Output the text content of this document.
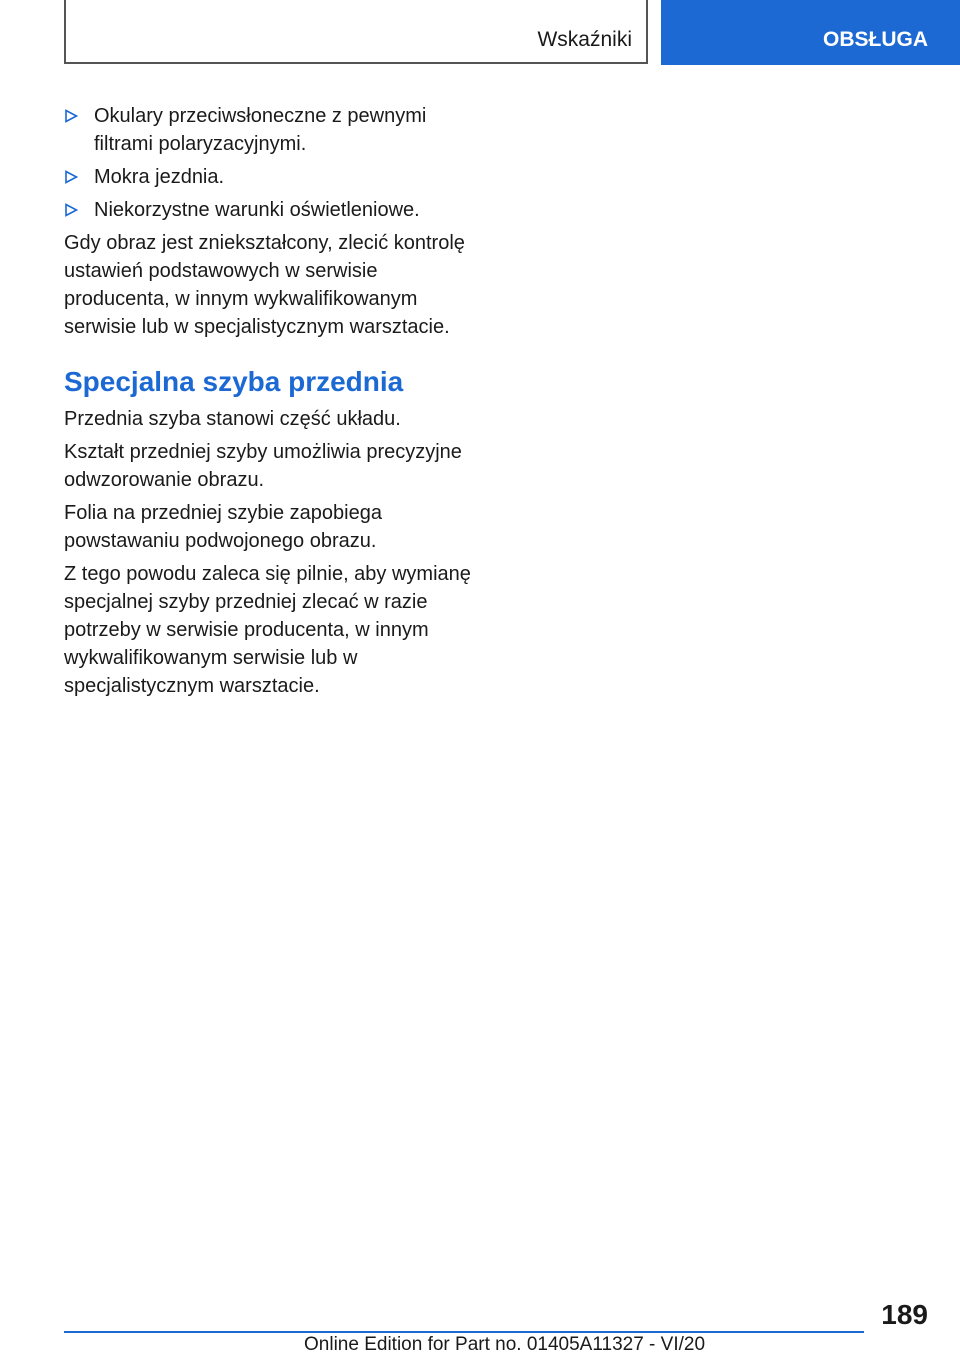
Wskaźniki	OBSŁUGA
Okulary przeciwsłoneczne z pewnymi filtrami polaryzacyjnymi.
Mokra jezdnia.
Niekorzystne warunki oświetleniowe.

Gdy obraz jest zniekształcony, zlecić kontrolę ustawień podstawowych w serwisie producenta, w innym wykwalifikowanym serwisie lub w specjalistycznym warsztacie.

Specjalna szyba przednia

Przednia szyba stanowi część układu.

Kształt przedniej szyby umożliwia precyzyjne odwzorowanie obrazu.

Folia na przedniej szybie zapobiega powstawaniu podwojonego obrazu.

Z tego powodu zaleca się pilnie, aby wymianę specjalnej szyby przedniej zlecać w razie potrzeby w serwisie producenta, w innym wykwalifikowanym serwisie lub w specjalistycznym warsztacie.

189
Online Edition for Part no. 01405A11327 - VI/20
